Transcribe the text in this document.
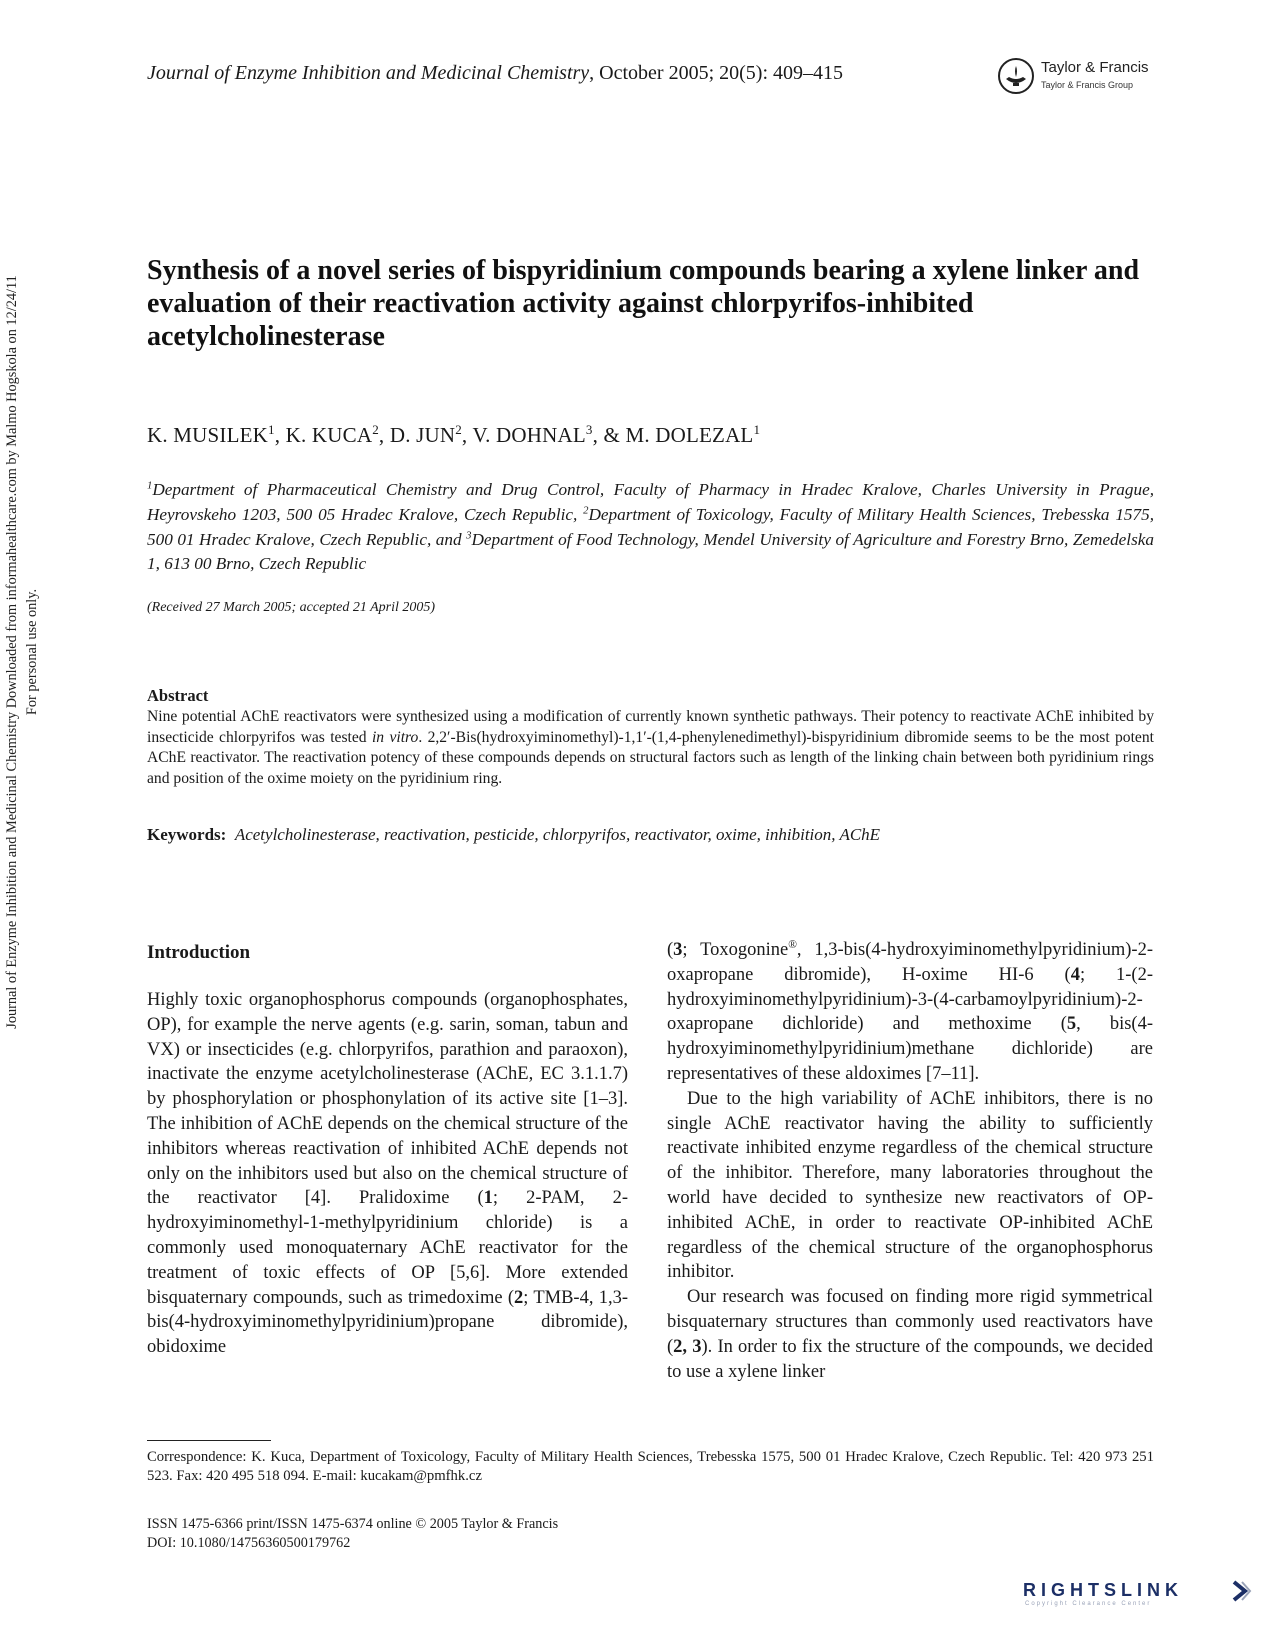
Journal of Enzyme Inhibition and Medicinal Chemistry, October 2005; 20(5): 409–415	Taylor & Francis
Taylor & Francis Group
Journal of Enzyme Inhibition and Medicinal Chemistry Downloaded from informahealthcare.com by Malmo Hogskola on 12/24/11 For personal use only.
Synthesis of a novel series of bispyridinium compounds bearing a xylene linker and evaluation of their reactivation activity against chlorpyrifos-inhibited acetylcholinesterase
K. MUSILEK$^1$, K. KUCA$^2$, D. JUN$^2$, V. DOHNAL$^3$, & M. DOLEZAL$^1$

$^1$Department of Pharmaceutical Chemistry and Drug Control, Faculty of Pharmacy in Hradec Kralove, Charles University in Prague, Heyrovskeho 1203, 500 05 Hradec Kralove, Czech Republic, $^2$Department of Toxicology, Faculty of Military Health Sciences, Trebesska 1575, 500 01 Hradec Kralove, Czech Republic, and $^3$Department of Food Technology, Mendel University of Agriculture and Forestry Brno, Zemedelska 1, 613 00 Brno, Czech Republic

(Received 27 March 2005; accepted 21 April 2005)
Abstract

Nine potential AChE reactivators were synthesized using a modification of currently known synthetic pathways. Their potency to reactivate AChE inhibited by insecticide chlorpyrifos was tested in vitro. 2,2′-Bis(hydroxyiminomethyl)-1,1′-(1,4-phenylenedimethyl)-bispyridinium dibromide seems to be the most potent AChE reactivator. The reactivation potency of these compounds depends on structural factors such as length of the linking chain between both pyridinium rings and position of the oxime moiety on the pyridinium ring.

Keywords: Acetylcholinesterase, reactivation, pesticide, chlorpyrifos, reactivator, oxime, inhibition, AChE

Introduction

Highly toxic organophosphorus compounds (organophosphates, OP), for example the nerve agents (e.g. sarin, soman, tabun and VX) or insecticides (e.g. chlorpyrifos, parathion and paraoxon), inactivate the enzyme acetylcholinesterase (AChE, EC 3.1.1.7) by phosphorylation or phosphonylation of its active site [1–3]. The inhibition of AChE depends on the chemical structure of the inhibitors whereas reactivation of inhibited AChE depends not only on the inhibitors used but also on the chemical structure of the reactivator [4]. Pralidoxime (1; 2-PAM, 2-hydroxyiminomethyl-1-methylpyridinium chloride) is a commonly used monoquaternary AChE reactivator for the treatment of toxic effects of OP [5,6]. More extended bisquaternary compounds, such as trimedoxime (2; TMB-4, 1,3-bis(4-hydroxyiminomethylpyridinium)propane dibromide), obidoxime

(3; Toxogonine®, 1,3-bis(4-hydroxyiminomethylpyridinium)-2-oxapropane dibromide), H-oxime HI-6 (4; 1-(2-hydroxyiminomethylpyridinium)-3-(4-carbamoylpyridinium)-2-oxapropane dichloride) and methoxime (5, bis(4-hydroxyiminomethylpyridinium)methane dichloride) are representatives of these aldoximes [7–11].

Due to the high variability of AChE inhibitors, there is no single AChE reactivator having the ability to sufficiently reactivate inhibited enzyme regardless of the chemical structure of the inhibitor. Therefore, many laboratories throughout the world have decided to synthesize new reactivators of OP-inhibited AChE, in order to reactivate OP-inhibited AChE regardless of the chemical structure of the organophosphorus inhibitor.

Our research was focused on finding more rigid symmetrical bisquaternary structures than commonly used reactivators have (2, 3). In order to fix the structure of the compounds, we decided to use a xylene linker

Correspondence: K. Kuca, Department of Toxicology, Faculty of Military Health Sciences, Trebesska 1575, 500 01 Hradec Kralove, Czech Republic. Tel: 420 973 251 523. Fax: 420 495 518 094. E-mail: kucakam@pmfhk.cz

ISSN 1475-6366 print/ISSN 1475-6374 online © 2005 Taylor & Francis
DOI: 10.1080/14756360500179762

RIGHTSLINK
Copyright Clearance Center
